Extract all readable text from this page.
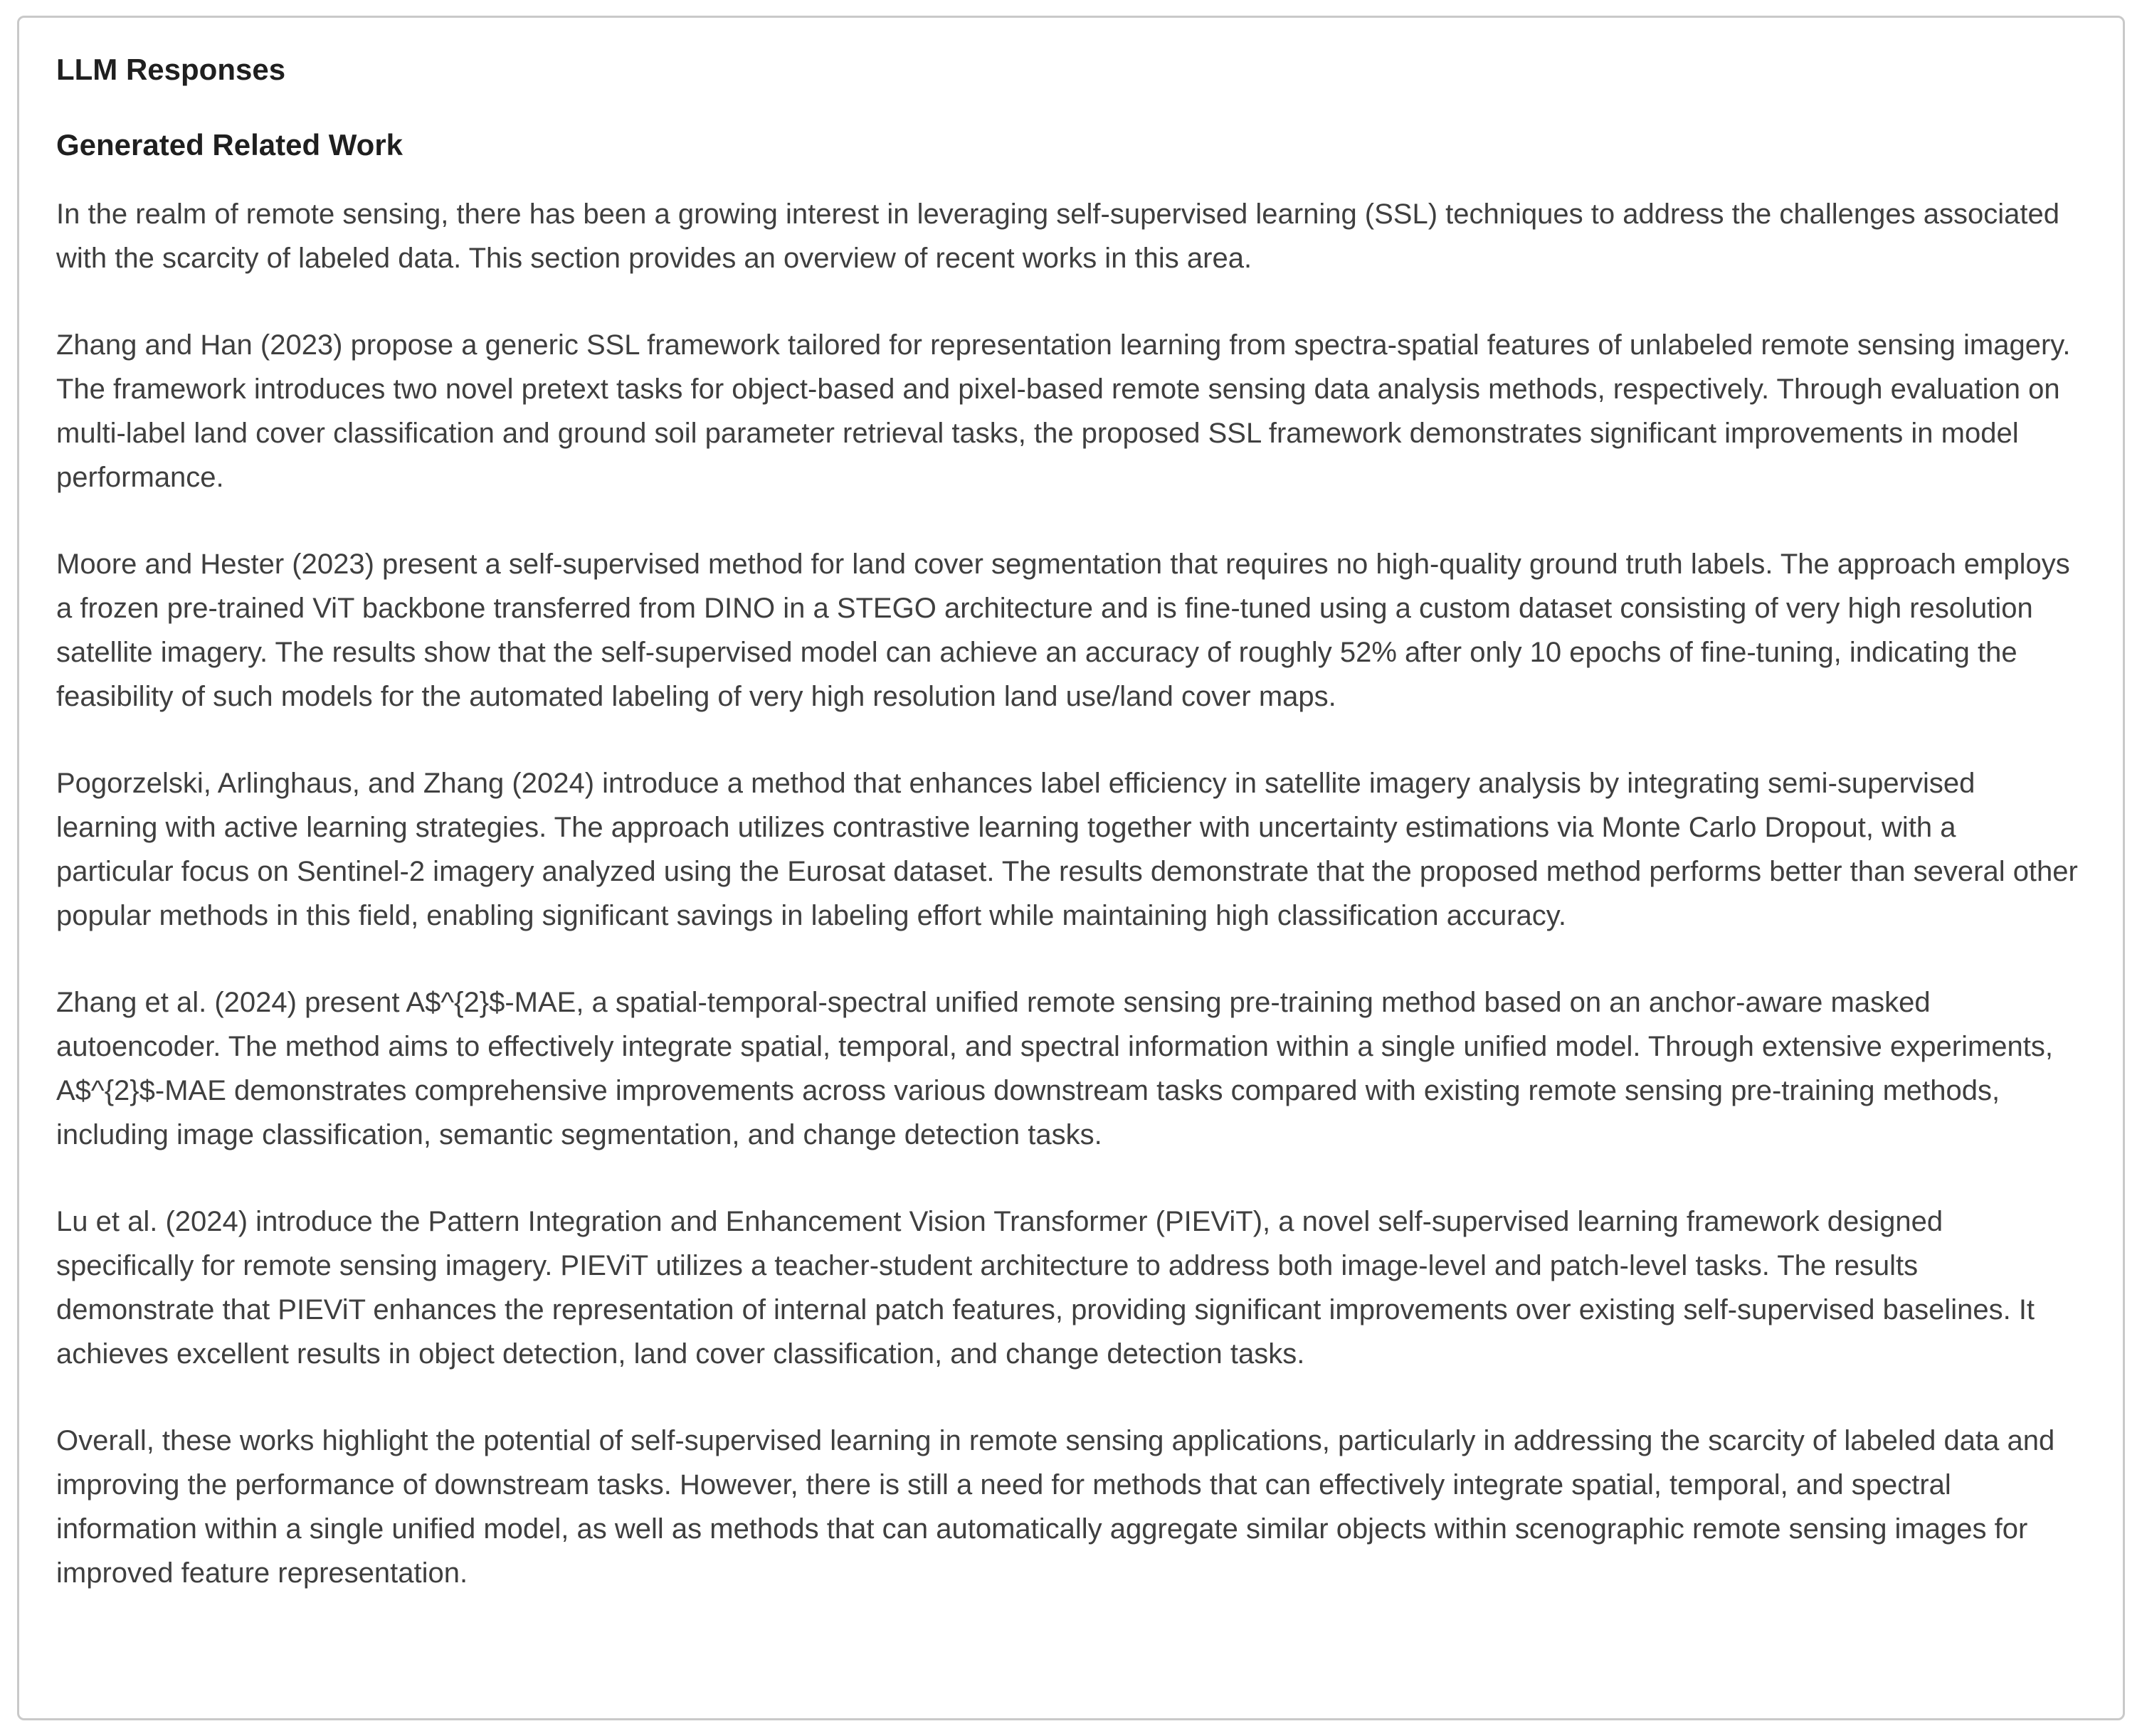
LLM Responses
Generated Related Work

In the realm of remote sensing, there has been a growing interest in leveraging self-supervised learning (SSL) techniques to address the challenges associated with the scarcity of labeled data. This section provides an overview of recent works in this area.

Zhang and Han (2023) propose a generic SSL framework tailored for representation learning from spectra-spatial features of unlabeled remote sensing imagery. The framework introduces two novel pretext tasks for object-based and pixel-based remote sensing data analysis methods, respectively. Through evaluation on multi-label land cover classification and ground soil parameter retrieval tasks, the proposed SSL framework demonstrates significant improvements in model performance.

Moore and Hester (2023) present a self-supervised method for land cover segmentation that requires no high-quality ground truth labels. The approach employs a frozen pre-trained ViT backbone transferred from DINO in a STEGO architecture and is fine-tuned using a custom dataset consisting of very high resolution satellite imagery. The results show that the self-supervised model can achieve an accuracy of roughly 52% after only 10 epochs of fine-tuning, indicating the feasibility of such models for the automated labeling of very high resolution land use/land cover maps.

Pogorzelski, Arlinghaus, and Zhang (2024) introduce a method that enhances label efficiency in satellite imagery analysis by integrating semi-supervised learning with active learning strategies. The approach utilizes contrastive learning together with uncertainty estimations via Monte Carlo Dropout, with a particular focus on Sentinel-2 imagery analyzed using the Eurosat dataset. The results demonstrate that the proposed method performs better than several other popular methods in this field, enabling significant savings in labeling effort while maintaining high classification accuracy.

Zhang et al. (2024) present A$^{2}$-MAE, a spatial-temporal-spectral unified remote sensing pre-training method based on an anchor-aware masked autoencoder. The method aims to effectively integrate spatial, temporal, and spectral information within a single unified model. Through extensive experiments, A$^{2}$-MAE demonstrates comprehensive improvements across various downstream tasks compared with existing remote sensing pre-training methods, including image classification, semantic segmentation, and change detection tasks.

Lu et al. (2024) introduce the Pattern Integration and Enhancement Vision Transformer (PIEViT), a novel self-supervised learning framework designed specifically for remote sensing imagery. PIEViT utilizes a teacher-student architecture to address both image-level and patch-level tasks. The results demonstrate that PIEViT enhances the representation of internal patch features, providing significant improvements over existing self-supervised baselines. It achieves excellent results in object detection, land cover classification, and change detection tasks.

Overall, these works highlight the potential of self-supervised learning in remote sensing applications, particularly in addressing the scarcity of labeled data and improving the performance of downstream tasks. However, there is still a need for methods that can effectively integrate spatial, temporal, and spectral information within a single unified model, as well as methods that can automatically aggregate similar objects within scenographic remote sensing images for improved feature representation.
